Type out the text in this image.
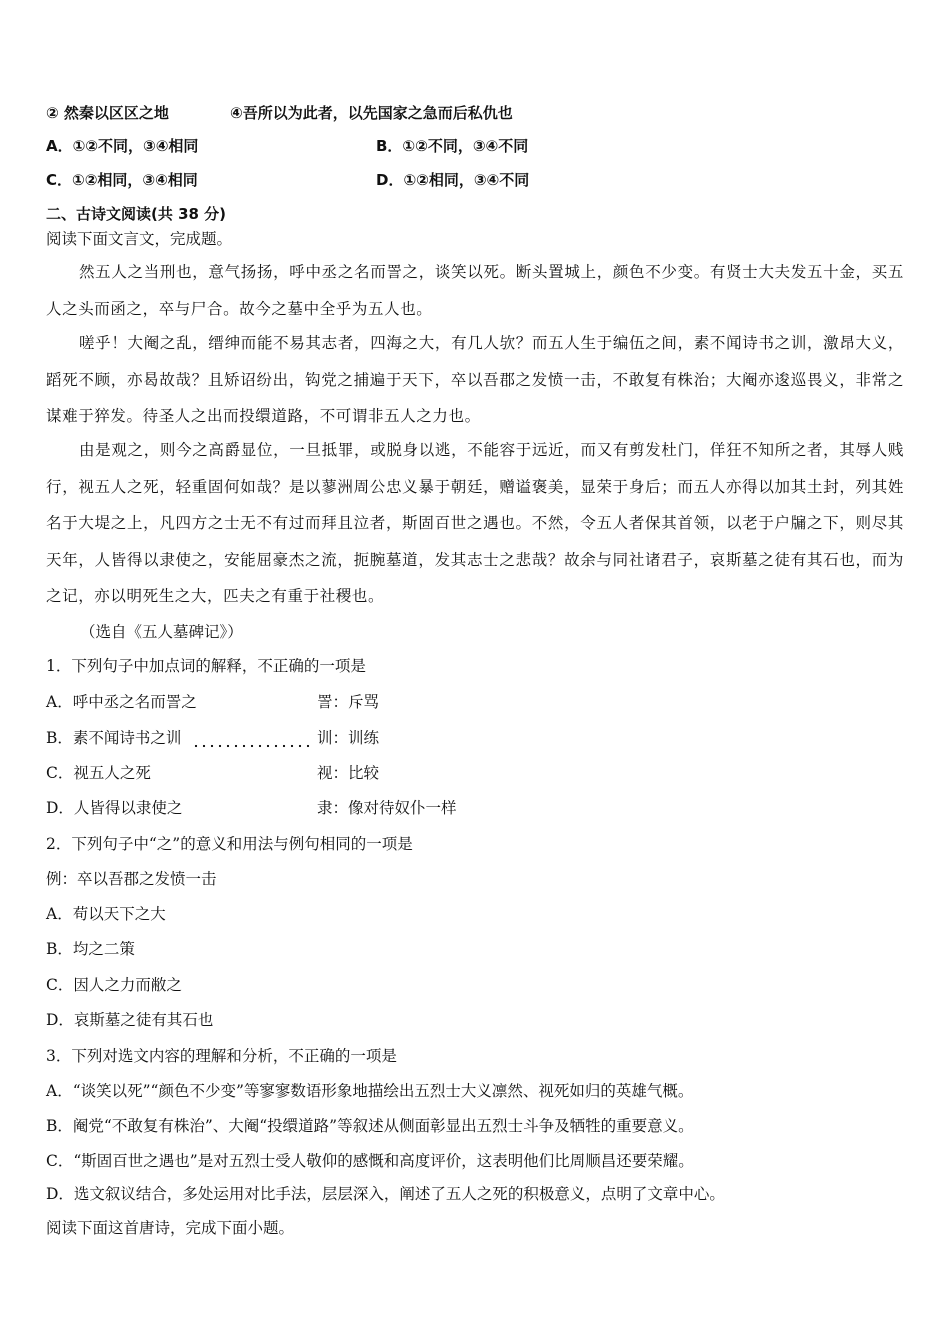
② 然秦以区区之地	④吾所以为此者，以先国家之急而后私仇也
A．①②不同，③④相同	B．①②不同，③④不同
C．①②相同，③④相同	D．①②相同，③④不同
二、古诗文阅读(共 38 分)
阅读下面文言文，完成题。
然五人之当刑也，意气扬扬，呼中丞之名而詈之，谈笑以死。断头置城上，颜色不少变。有贤士大夫发五十金，买五人之头而函之，卒与尸合。故今之墓中全乎为五人也。
嗟乎！大阉之乱，缙绅而能不易其志者，四海之大，有几人欤？而五人生于编伍之间，素不闻诗书之训，激昂大义，蹈死不顾，亦曷故哉？且矫诏纷出，钩党之捕遍于天下，卒以吾郡之发愤一击，不敢复有株治；大阉亦逡巡畏义，非常之谋难于猝发。待圣人之出而投缳道路，不可谓非五人之力也。
由是观之，则今之高爵显位，一旦抵罪，或脱身以逃，不能容于远近，而又有剪发杜门，佯狂不知所之者，其辱人贱行，视五人之死，轻重固何如哉？是以蓼洲周公忠义暴于朝廷，赠谥褒美，显荣于身后；而五人亦得以加其土封，列其姓名于大堤之上，凡四方之士无不有过而拜且泣者，斯固百世之遇也。不然，令五人者保其首领，以老于户牖之下，则尽其天年，人皆得以隶使之，安能屈豪杰之流，扼腕墓道，发其志士之悲哉？故余与同社诸君子，哀斯墓之徒有其石也，而为之记，亦以明死生之大，匹夫之有重于社稷也。
（选自《五人墓碑记》）
1．下列句子中加点词的解释，不正确的一项是
A．呼中丞之名而詈之	詈：斥骂
B．素不闻诗书之训	训：训练
C．视五人之死	视：比较
D．人皆得以隶使之	隶：像对待奴仆一样
2．下列句子中“之”的意义和用法与例句相同的一项是
例：卒以吾郡之发愤一击
A．苟以天下之大
B．均之二策
C．因人之力而敝之
D．哀斯墓之徒有其石也
3．下列对选文内容的理解和分析，不正确的一项是
A．“谈笑以死”“颜色不少变”等寥寥数语形象地描绘出五烈士大义凛然、视死如归的英雄气概。
B．阉党“不敢复有株治”、大阉“投缳道路”等叙述从侧面彰显出五烈士斗争及牺牲的重要意义。
C．“斯固百世之遇也”是对五烈士受人敬仰的感慨和高度评价，这表明他们比周顺昌还要荣耀。
D．选文叙议结合，多处运用对比手法，层层深入，阐述了五人之死的积极意义，点明了文章中心。
阅读下面这首唐诗，完成下面小题。
